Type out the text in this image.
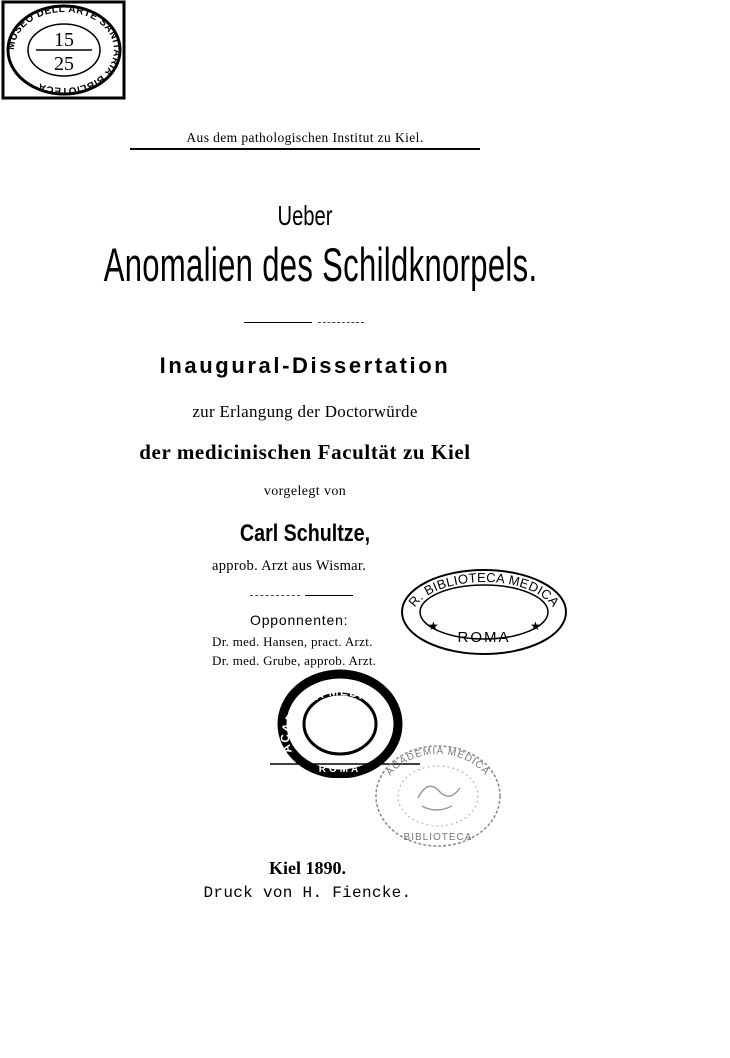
MUSEO DELL'ARTE SANITARIA BIBLIOTECA
15
25
Aus dem pathologischen Institut zu Kiel.
Ueber
Anomalien des Schildknorpels.
Inaugural-Dissertation
zur Erlangung der Doctorwürde
der medicinischen Facultät zu Kiel
vorgelegt von
Carl Schultze,
approb. Arzt aus Wismar.
Opponnenten:
Dr. med. Hansen, pract. Arzt.
Dr. med. Grube, approb. Arzt.
Kiel 1890.
Druck von H. Fiencke.
R. BIBLIOTECA MEDICA
★	★
ROMA
ACADEMIA MEDICA
ROMA ACADEMIA MEDICA
BIBLIOTECA
